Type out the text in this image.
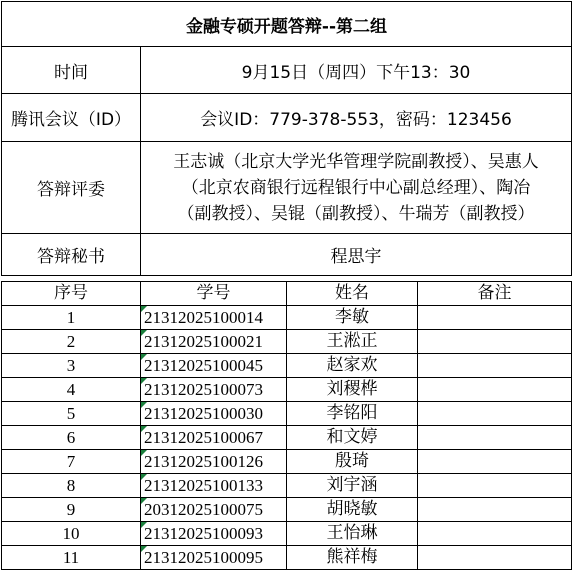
金融专硕开题答辩--第二组	
时间	9月15日（周四）下午13：30
腾讯会议（ID）	会议ID：779-378-553，密码：123456
答辩评委	王志诚（北京大学光华管理学院副教授）、吴惠人
（北京农商银行远程银行中心副总经理）、陶冶
（副教授）、吴锟（副教授）、牛瑞芳（副教授）

答辩秘书	程思宇
序号	学号	姓名	备注
1	21312025100014	李敏	
2	21312025100021	王淞正	
3	21312025100045	赵家欢	
4	21312025100073	刘稷桦	
5	21312025100030	李铭阳	
6	21312025100067	和文婷	
7	21312025100126	殷琦	
8	21312025100133	刘宇涵	
9	20312025100075	胡晓敏	
10	21312025100093	王怡琳	
11	21312025100095	熊祥梅	
